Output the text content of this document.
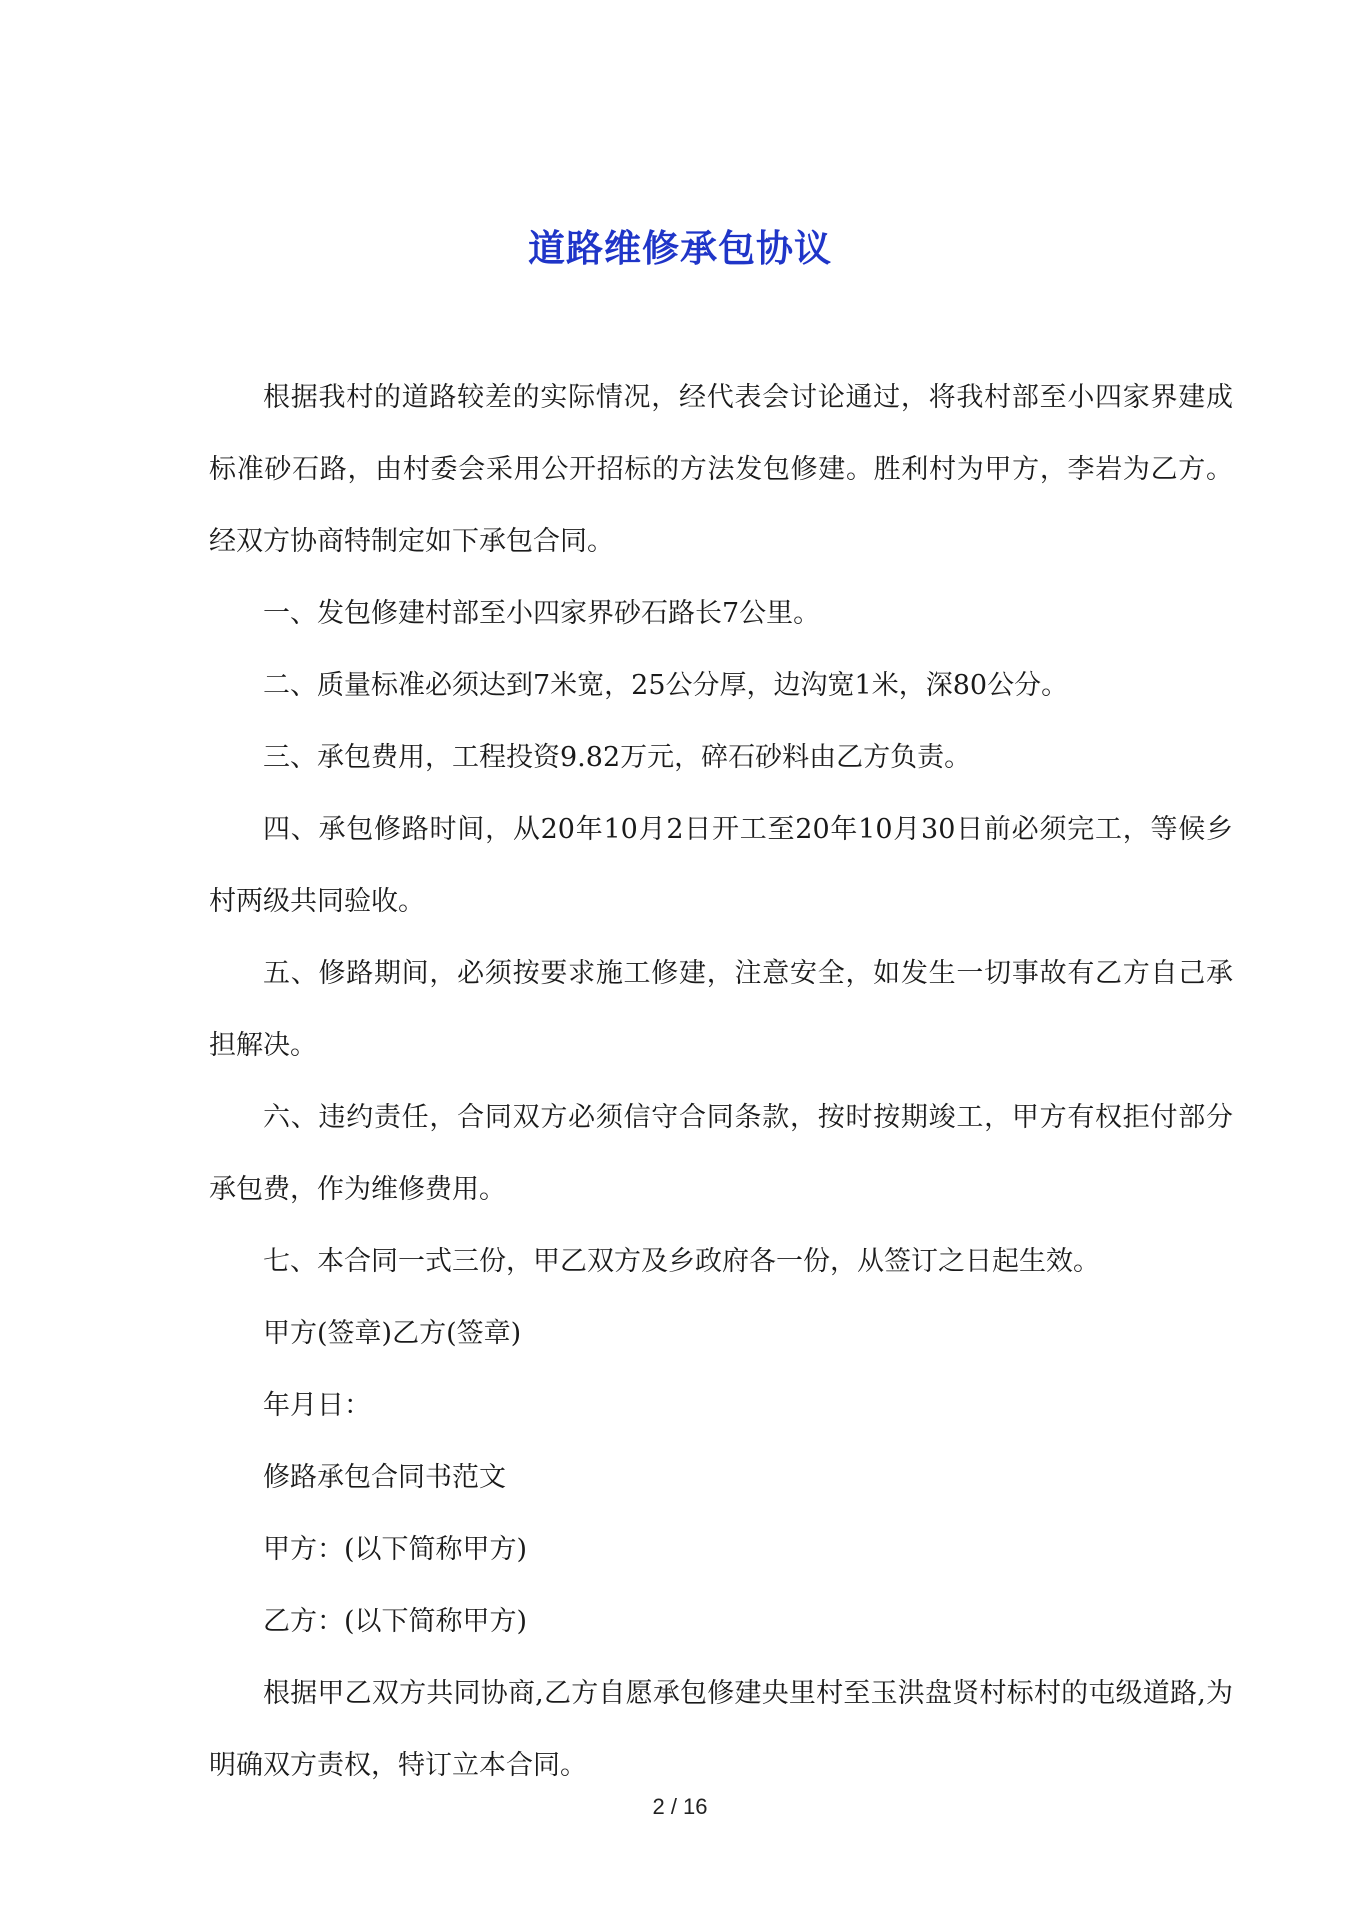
道路维修承包协议

根据我村的道路较差的实际情况，经代表会讨论通过，将我村部至小四家界建成标准砂石路，由村委会采用公开招标的方法发包修建。胜利村为甲方，李岩为乙方。经双方协商特制定如下承包合同。

一、发包修建村部至小四家界砂石路长7公里。

二、质量标准必须达到7米宽，25公分厚，边沟宽1米，深80公分。

三、承包费用，工程投资9.82万元，碎石砂料由乙方负责。

四、承包修路时间，从20年10月2日开工至20年10月30日前必须完工，等候乡村两级共同验收。

五、修路期间，必须按要求施工修建，注意安全，如发生一切事故有乙方自己承担解决。

六、违约责任，合同双方必须信守合同条款，按时按期竣工，甲方有权拒付部分承包费，作为维修费用。

七、本合同一式三份，甲乙双方及乡政府各一份，从签订之日起生效。

甲方(签章)乙方(签章)

年月日：

修路承包合同书范文

甲方：(以下简称甲方)

乙方：(以下简称甲方)

根据甲乙双方共同协商,乙方自愿承包修建央里村至玉洪盘贤村标村的屯级道路,为明确双方责权，特订立本合同。

2 / 16
